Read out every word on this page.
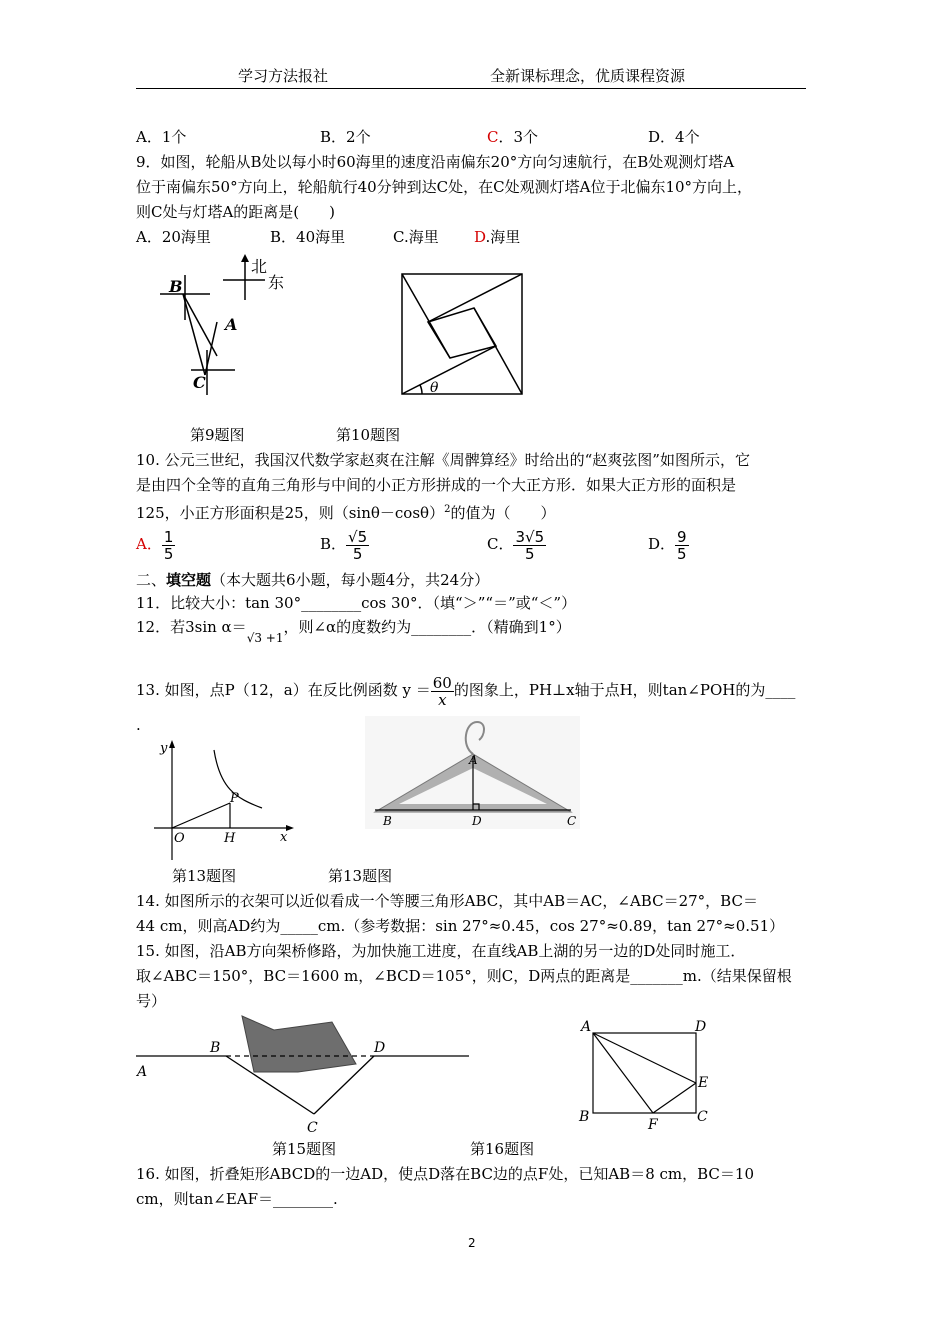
学习方法报社	全新课标理念，优质课程资源
A．1个	B．2个	C．3个	D．4个
9．如图，轮船从B处以每小时60海里的速度沿南偏东20°方向匀速航行，在B处观测灯塔A
位于南偏东50°方向上，轮船航行40分钟到达C处，在C处观测灯塔A位于北偏东10°方向上，
则C处与灯塔A的距离是(　　)
A．20海里	B．40海里	C.海里 D.海里
B
A
C
北
东
θ
第9题图	第10题图
10. 公元三世纪，我国汉代数学家赵爽在注解《周髀算经》时给出的“赵爽弦图”如图所示，它
是由四个全等的直角三角形与中间的小正方形拼成的一个大正方形．如果大正方形的面积是
125，小正方形面积是25，则$(\sin\theta-\cos\theta)^2$的值为（　　）
A． $\frac{1}{5}$	B． $\frac{√5}{5}$	C． $\frac{3√5}{5}$	D． $\frac{9}{5}$
二、填空题（本大题共6小题，每小题4分，共24分）
11．比较大小：tan 30°________cos 30°．（填“＞”“＝”或“＜”）
12．若3sin $\alpha=_{√3 +1}$，则∠α的度数约为________．（精确到1°）
13. 如图，点P（12，a）在反比例函数 $y = \frac{60}{x}$ 的图象上，PH⊥x轴于点H，则tan∠POH的为____
.
y
x
O	H
P
A
B	D	C
第13题图	第13题图
14. 如图所示的衣架可以近似看成一个等腰三角形ABC，其中AB＝AC，∠ABC＝27°，BC＝
44 cm，则高AD约为_____cm.（参考数据：sin 27°≈0.45，cos 27°≈0.89，tan 27°≈0.51）
15. 如图，沿AB方向架桥修路，为加快施工进度，在直线AB上湖的另一边的D处同时施工．
取∠ABC＝150°，BC＝1600 m，∠BCD＝105°，则C，D两点的距离是_______m.（结果保留根
号）
A
B
C
D
A	D
E
B	F	C
第15题图	第16题图
16. 如图，折叠矩形ABCD的一边AD，使点D落在BC边的点F处，已知AB＝8 cm，BC＝10
cm，则tan∠EAF＝________.
2
